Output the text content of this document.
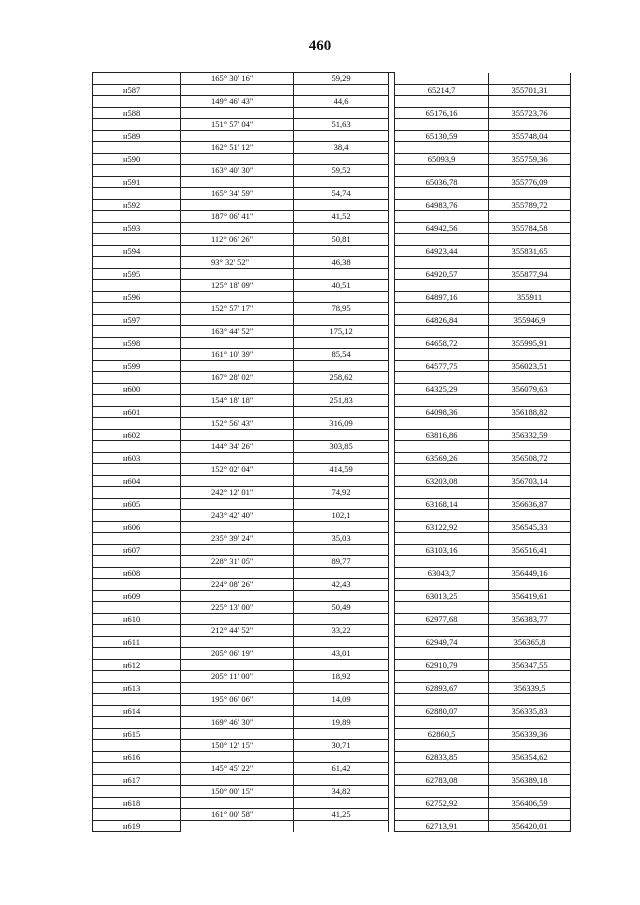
460
	165° 30' 16"	59,29			
н587				65214,7	355701,31
	149° 46' 43"	44,6			
н588				65176,16	355723,76
	151° 57' 04"	51,63			
н589				65130,59	355748,04
	162° 51' 12"	38,4			
н590				65093,9	355759,36
	163° 40' 30"	59,52			
н591				65036,78	355776,09
	165° 34' 59"	54,74			
н592				64983,76	355789,72
	187° 06' 41"	41,52			
н593				64942,56	355784,58
	112° 06' 26"	50,81			
н594				64923,44	355831,65
	93° 32' 52"	46,38			
н595				64920,57	355877,94
	125° 18' 09"	40,51			
н596				64897,16	355911
	152° 57' 17"	78,95			
н597				64826,84	355946,9
	163° 44' 52"	175,12			
н598				64658,72	355995,91
	161° 10' 39"	85,54			
н599				64577,75	356023,51
	167° 28' 02"	258,62			
н600				64325,29	356079,63
	154° 18' 18"	251,83			
н601				64098,36	356188,82
	152° 56' 43"	316,09			
н602				63816,86	356332,59
	144° 34' 26"	303,85			
н603				63569,26	356508,72
	152° 02' 04"	414,59			
н604				63203,08	356703,14
	242° 12' 01"	74,92			
н605				63168,14	356636,87
	243° 42' 40"	102,1			
н606				63122,92	356545,33
	235° 39' 24"	35,03			
н607				63103,16	356516,41
	228° 31' 05"	89,77			
н608				63043,7	356449,16
	224° 08' 26"	42,43			
н609				63013,25	356419,61
	225° 13' 00"	50,49			
н610				62977,68	356383,77
	212° 44' 52"	33,22			
н611				62949,74	356365,8
	205° 06' 19"	43,01			
н612				62910,79	356347,55
	205° 11' 00"	18,92			
н613				62893,67	356339,5
	195° 06' 06"	14,09			
н614				62880,07	356335,83
	169° 46' 30"	19,89			
н615				62860,5	356339,36
	150° 12' 15"	30,71			
н616				62833,85	356354,62
	145° 45' 22"	61,42			
н617				62783,08	356389,18
	150° 00' 15"	34,82			
н618				62752,92	356406,59
	161° 00' 58"	41,25			
н619				62713,91	356420,01
